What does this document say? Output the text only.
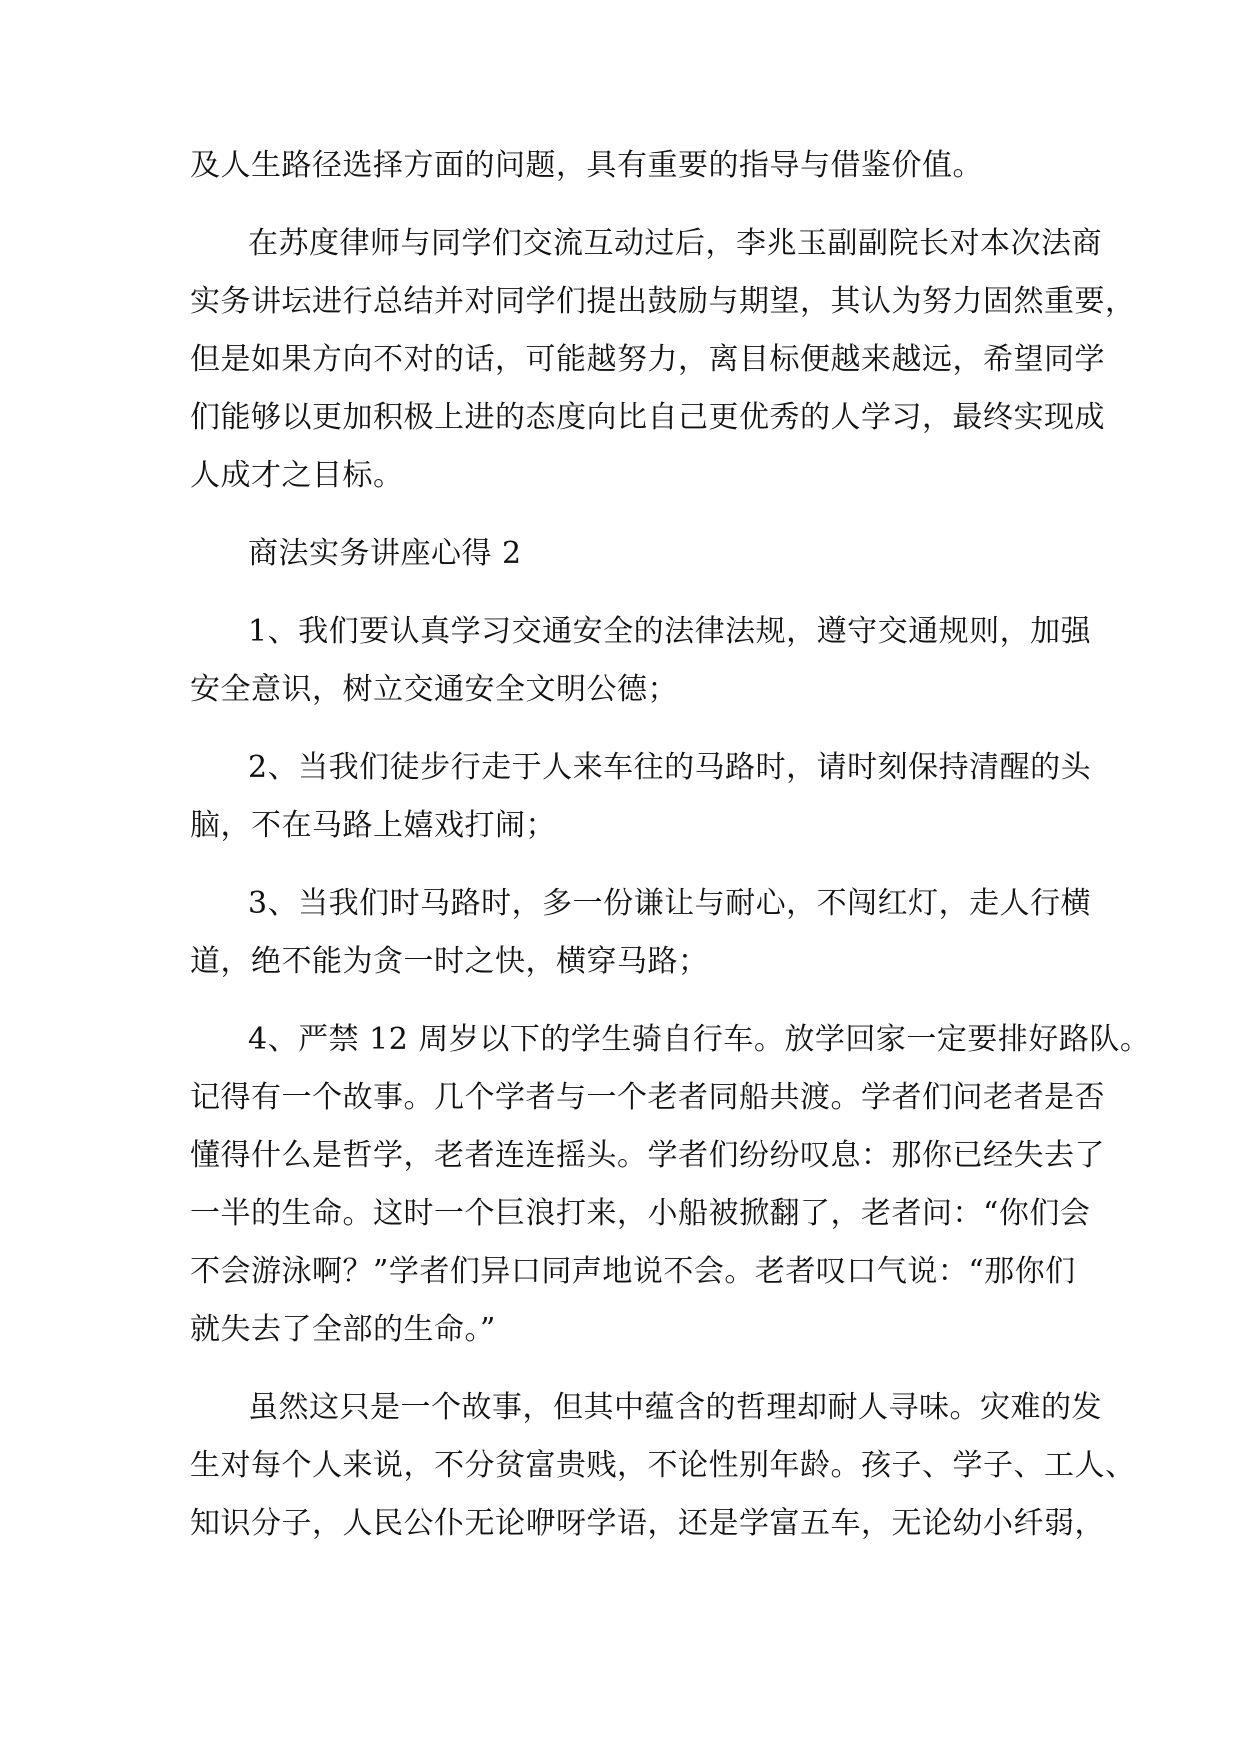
及人生路径选择方面的问题，具有重要的指导与借鉴价值。
在苏度律师与同学们交流互动过后，李兆玉副副院长对本次法商
实务讲坛进行总结并对同学们提出鼓励与期望，其认为努力固然重要，
但是如果方向不对的话，可能越努力，离目标便越来越远，希望同学
们能够以更加积极上进的态度向比自己更优秀的人学习，最终实现成
人成才之目标。
商法实务讲座心得 2
1、我们要认真学习交通安全的法律法规，遵守交通规则，加强
安全意识，树立交通安全文明公德；
2、当我们徒步行走于人来车往的马路时，请时刻保持清醒的头
脑，不在马路上嬉戏打闹；
3、当我们时马路时，多一份谦让与耐心，不闯红灯，走人行横
道，绝不能为贪一时之快，横穿马路；
4、严禁 12 周岁以下的学生骑自行车。放学回家一定要排好路队。
记得有一个故事。几个学者与一个老者同船共渡。学者们问老者是否
懂得什么是哲学，老者连连摇头。学者们纷纷叹息：那你已经失去了
一半的生命。这时一个巨浪打来，小船被掀翻了，老者问：“你们会
不会游泳啊？”学者们异口同声地说不会。老者叹口气说：“那你们
就失去了全部的生命。”
虽然这只是一个故事，但其中蕴含的哲理却耐人寻味。灾难的发
生对每个人来说，不分贫富贵贱，不论性别年龄。孩子、学子、工人、
知识分子，人民公仆无论咿呀学语，还是学富五车，无论幼小纤弱，
